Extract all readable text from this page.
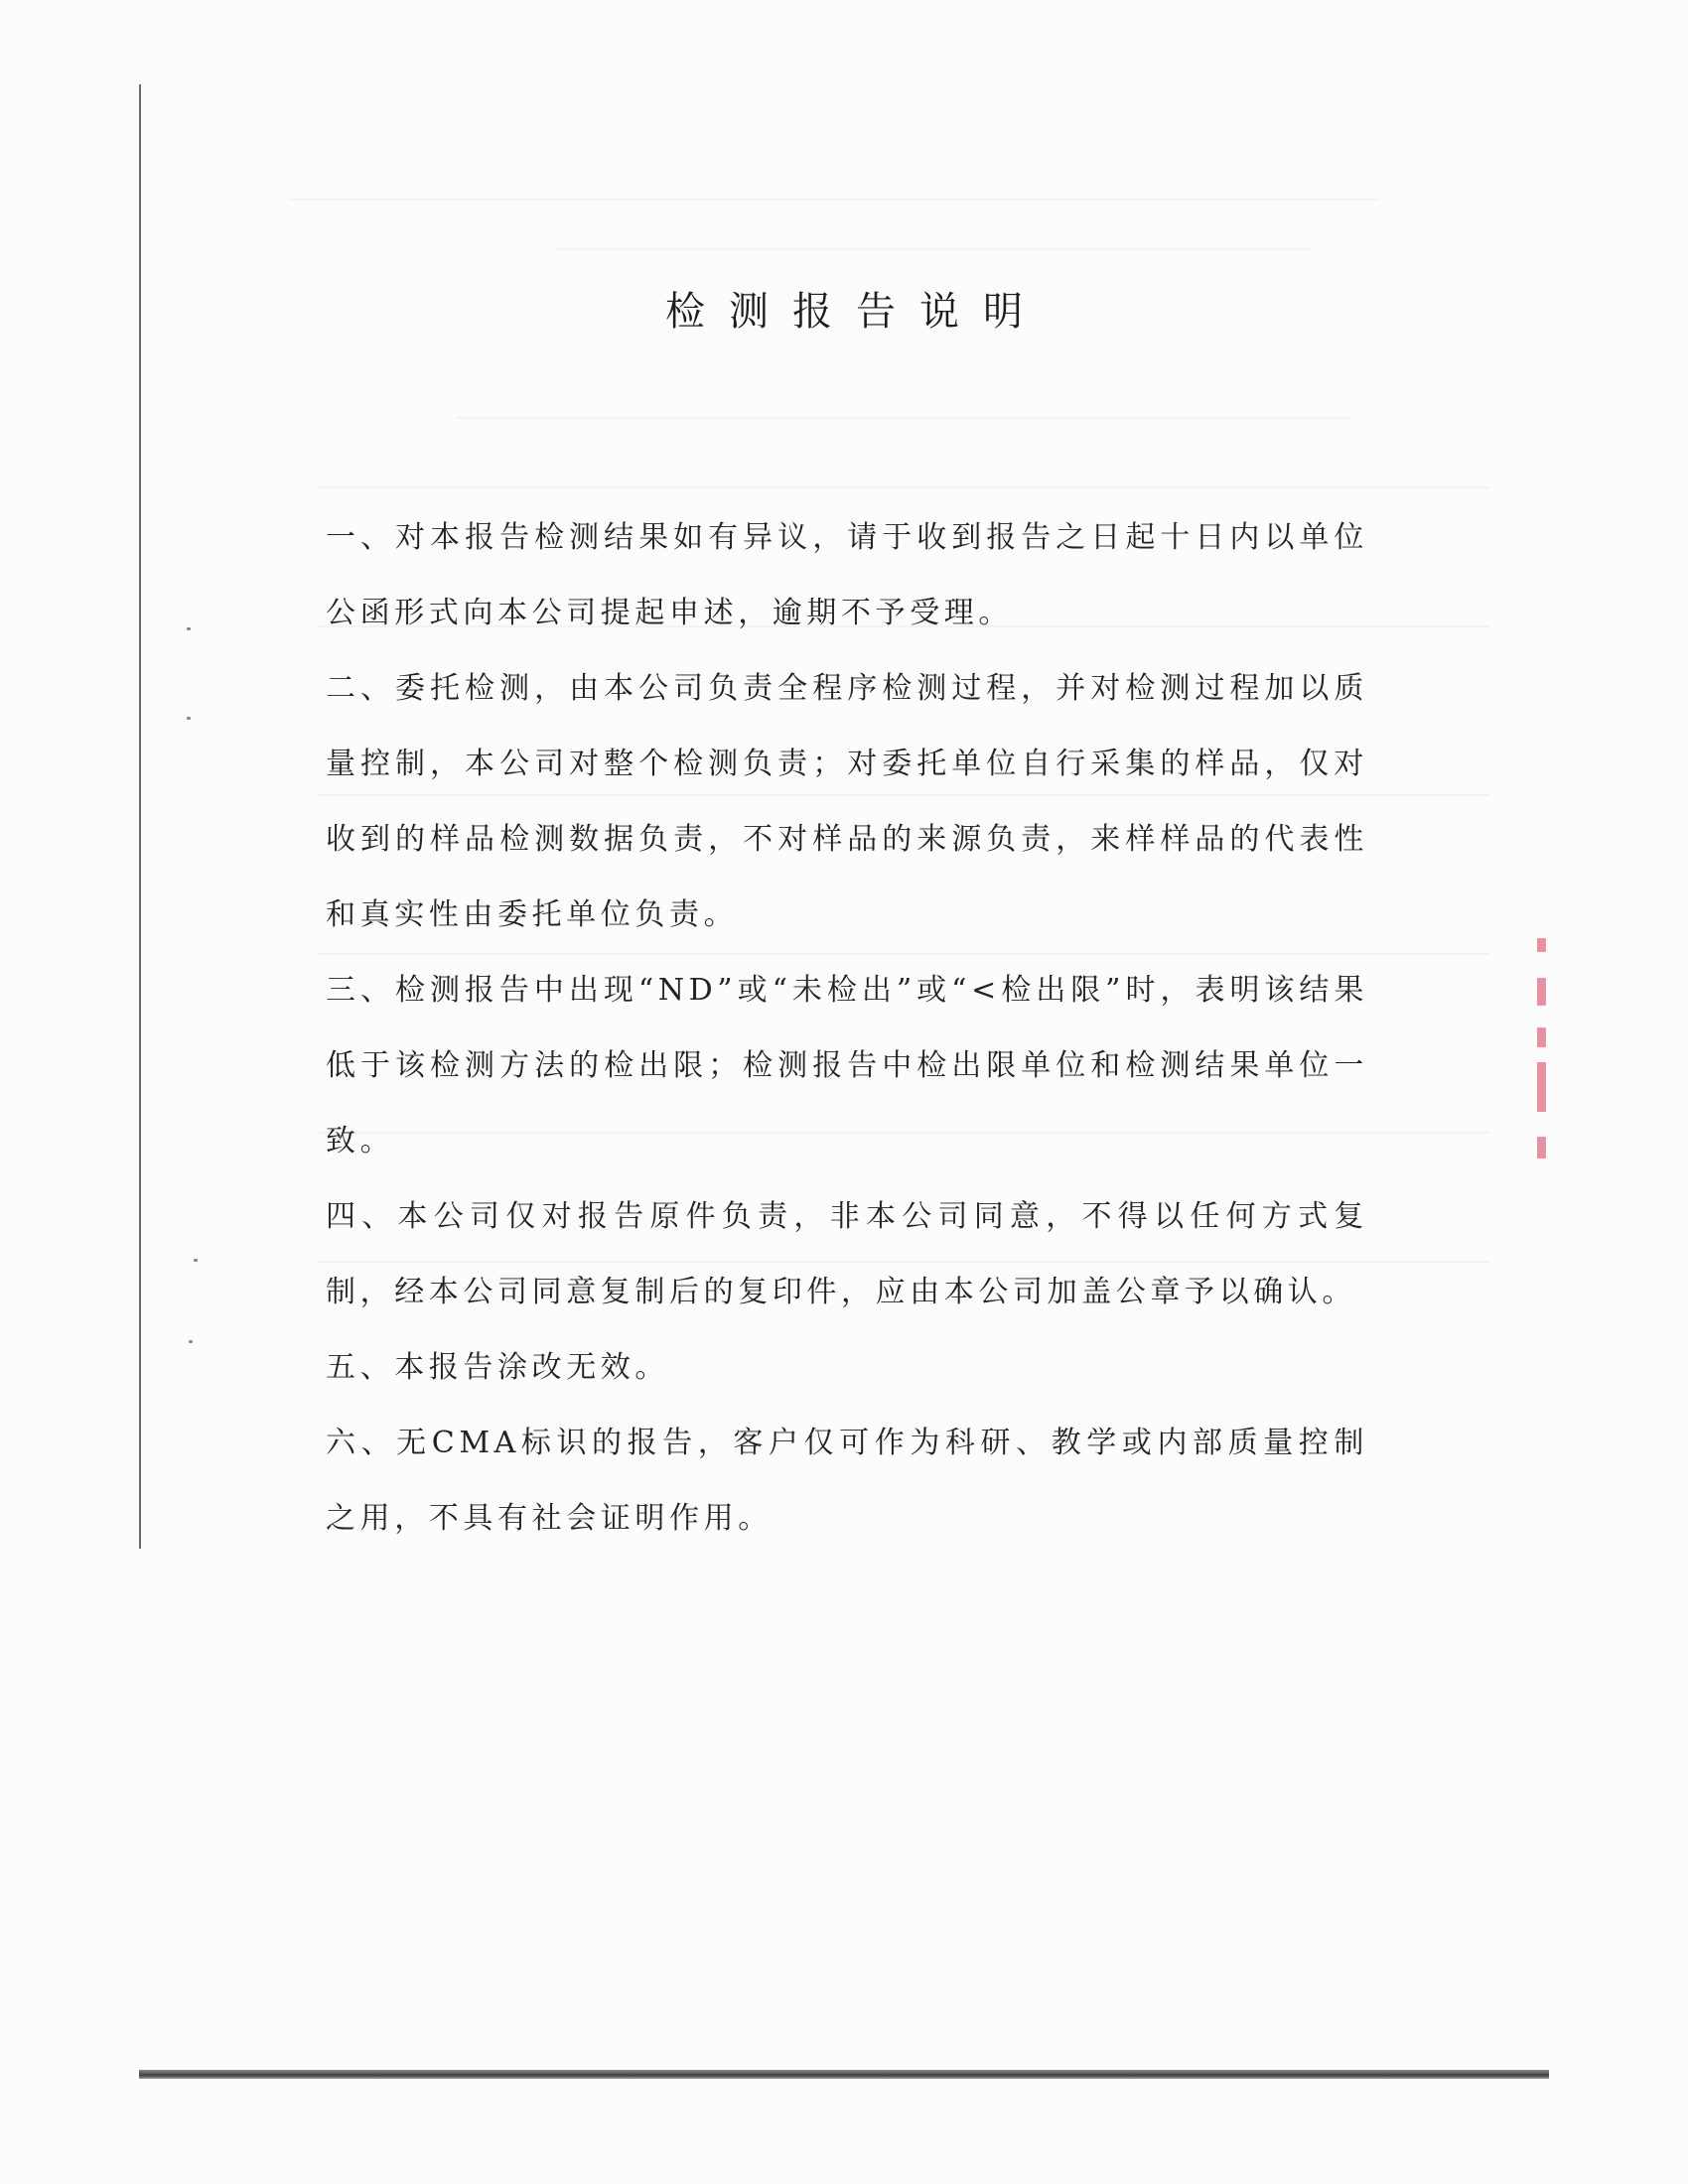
检测报告说明

一、对本报告检测结果如有异议，请于收到报告之日起十日内以单位公函形式向本公司提起申述，逾期不予受理。

二、委托检测，由本公司负责全程序检测过程，并对检测过程加以质量控制，本公司对整个检测负责；对委托单位自行采集的样品，仅对收到的样品检测数据负责，不对样品的来源负责，来样样品的代表性和真实性由委托单位负责。

三、检测报告中出现“ND”或“未检出”或“<检出限”时，表明该结果低于该检测方法的检出限；检测报告中检出限单位和检测结果单位一致。

四、本公司仅对报告原件负责，非本公司同意，不得以任何方式复制，经本公司同意复制后的复印件，应由本公司加盖公章予以确认。

五、本报告涂改无效。

六、无CMA标识的报告，客户仅可作为科研、教学或内部质量控制之用，不具有社会证明作用。
